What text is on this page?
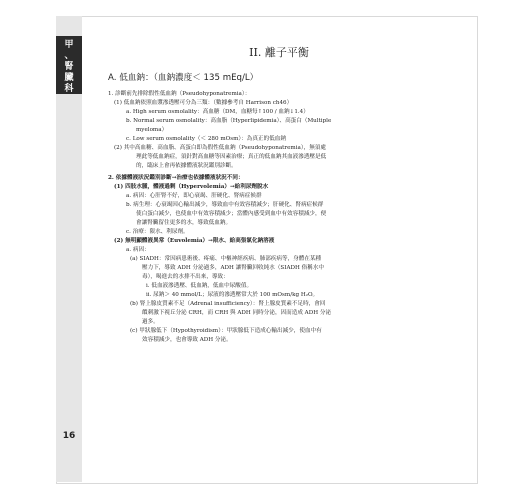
甲、腎臟科
16
II. 離子平衡
A. 低血鈉：（血鈉濃度＜ 135 mEq/L）
1. 診斷前先排除假性低血鈉（Pseudohyponatremia）：
(1) 低血鈉依照血漿滲透壓可分為三類：（數據參考自 Harrison ch46）
a. High serum osmolality：高血糖（DM，血糖每↑100 / 血鈉↓1.4）
b. Normal serum osmolality：高血脂（Hyperlipidemia）、高蛋白（Multiple
myeloma）
c. Low serum osmolality（＜ 280 mOsm）：為真正的低血鈉
(2) 其中高血糖、高血脂、高蛋白即為假性低血鈉（Pseudohyponatremia），無須處
理此等低血鈉症，須針對高血糖等因素治療；真正的低血鈉其血液滲透壓是低
的，臨床上會再依據體液狀況鑑別診斷。
2. 依據體液狀況鑑別診斷→治療也依據體液狀況不同：
(1) 四肢水腫，體液過剩（Hypervolemia）→給利尿劑脫水
a. 病因：心肝腎不好，即心衰竭、肝硬化、腎病症候群
b. 病生理：心衰竭因心輸出減少，導致血中有效容積減少；肝硬化、腎病症候群
使白蛋白減少，也使血中有效容積減少；當體內感受到血中有效容積減少，便
會讓腎臟留住更多的水，導致低血鈉。
c. 治療：限水、利尿劑。
(2) 無明顯體液異常（Euvolemia）→限水、給高張氯化鈉溶液
a. 病因：
(a) SIADH：常因病患術後、疼痛、中樞神經疾病、肺部疾病等，身體在某種
壓力下，導致 ADH 分泌過多，ADH 讓腎臟回收純水（SIADH 俗稱水中
毒），喝進去的水排不出來，導致：
i. 低血液滲透壓、低血鈉，低血中尿酸值。
ii. 尿鈉＞ 40 mmol/L；尿液的滲透壓常大於 100 mOsm/kg H₂O。
(b) 腎上腺皮質素不足（Adrenal insufficiency）：腎上腺皮質素不足時，會回
饋刺激下視丘分泌 CRH，而 CRH 與 ADH 同時分泌，因而造成 ADH 分泌
過多。
(c) 甲狀腺低下（Hypothyroidism）：甲狀腺低下造成心輸出減少，使血中有
效容積減少，也會導致 ADH 分泌。
